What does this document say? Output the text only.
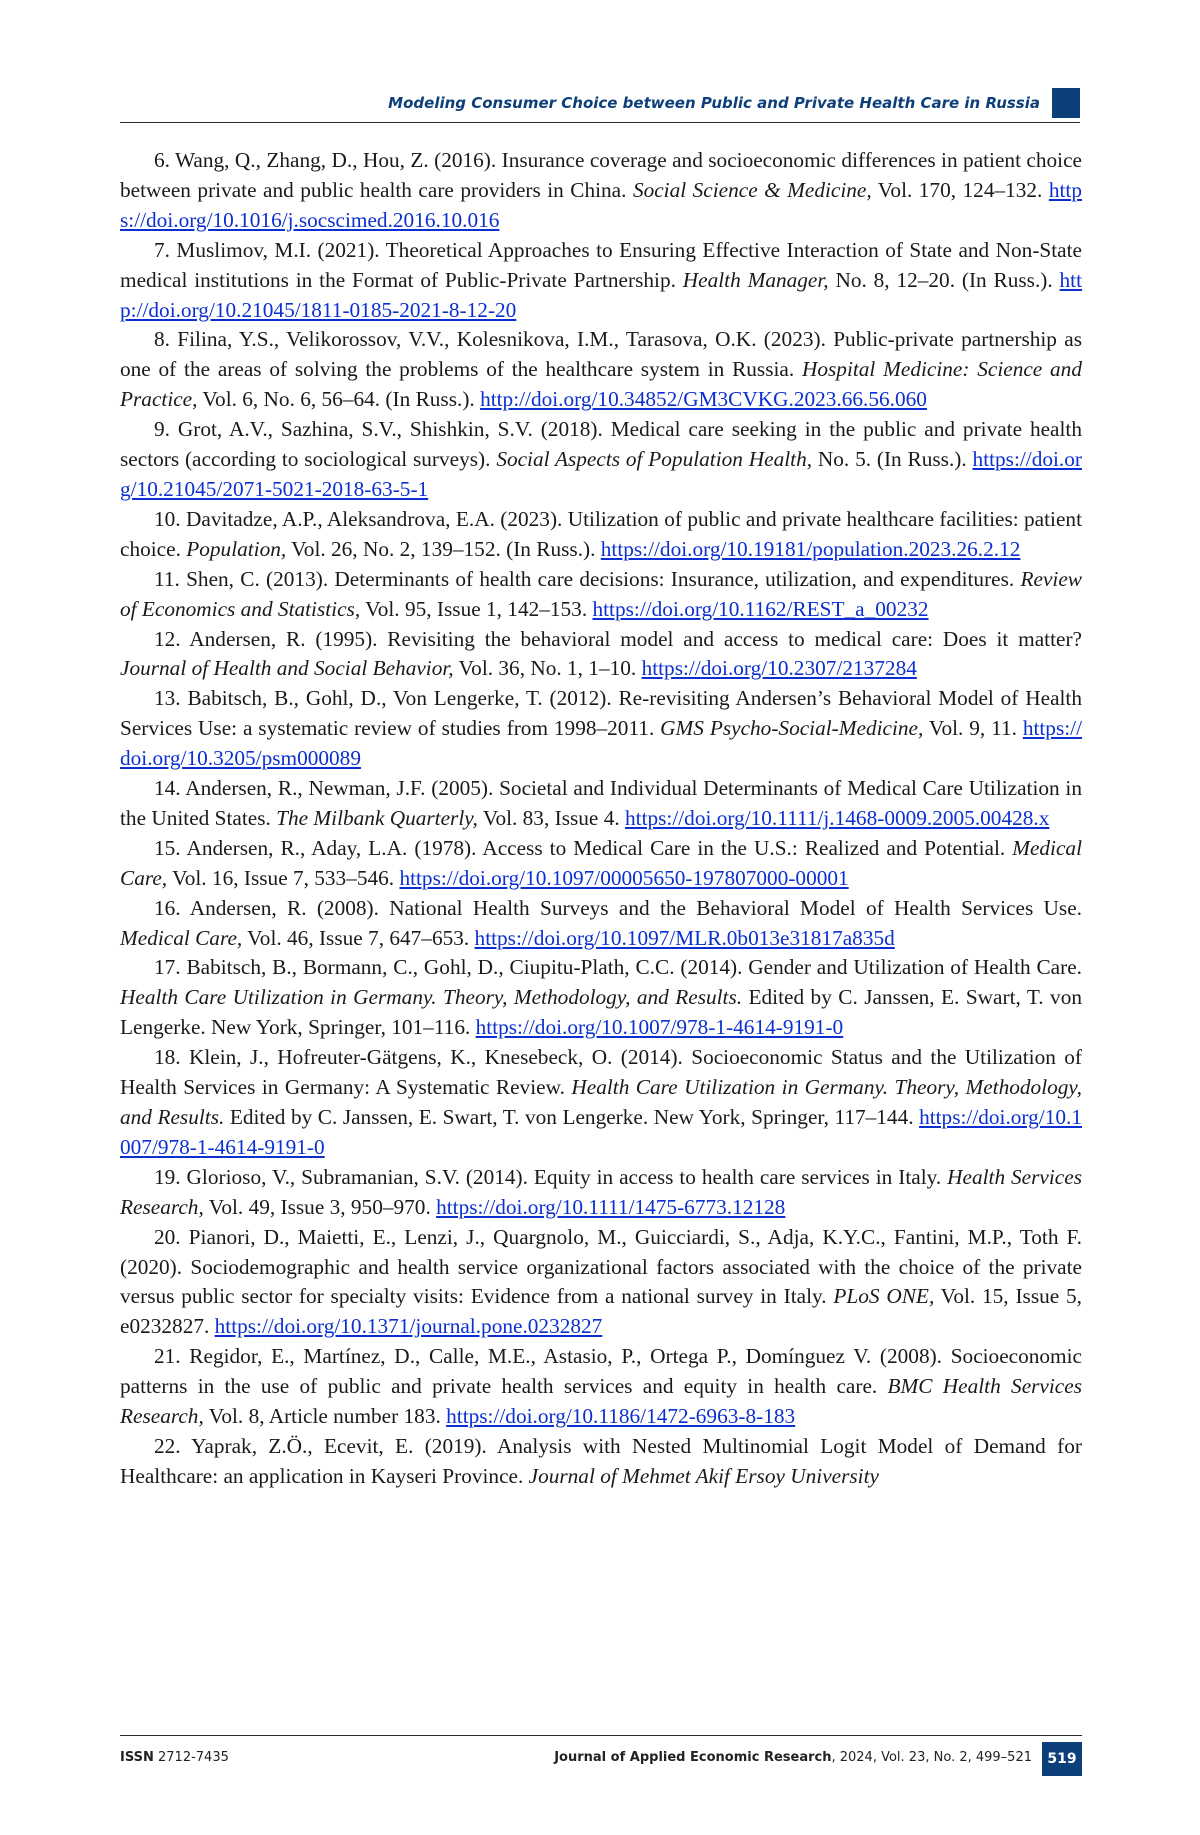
Modeling Consumer Choice between Public and Private Health Care in Russia

6. Wang, Q., Zhang, D., Hou, Z. (2016). Insurance coverage and socioeconomic differences in patient choice between private and public health care providers in China. Social Science & Medicine, Vol. 170, 124–132. https://doi.org/10.1016/j.socscimed.2016.10.016

7. Muslimov, M.I. (2021). Theoretical Approaches to Ensuring Effective Interaction of State and Non-State medical institutions in the Format of Public-Private Partnership. Health Manager, No. 8, 12–20. (In Russ.). http://doi.org/10.21045/1811-0185-2021-8-12-20

8. Filina, Y.S., Velikorossov, V.V., Kolesnikova, I.M., Tarasova, O.K. (2023). Public-private partnership as one of the areas of solving the problems of the healthcare system in Russia. Hospital Medicine: Science and Practice, Vol. 6, No. 6, 56–64. (In Russ.). http://doi.org/10.34852/GM3CVKG.2023.66.56.060

9. Grot, A.V., Sazhina, S.V., Shishkin, S.V. (2018). Medical care seeking in the public and private health sectors (according to sociological surveys). Social Aspects of Population Health, No. 5. (In Russ.). https://doi.org/10.21045/2071-5021-2018-63-5-1

10. Davitadze, A.P., Aleksandrova, E.A. (2023). Utilization of public and private healthcare facilities: patient choice. Population, Vol. 26, No. 2, 139–152. (In Russ.). https://doi.org/10.19181/population.2023.26.2.12

11. Shen, C. (2013). Determinants of health care decisions: Insurance, utilization, and expenditures. Review of Economics and Statistics, Vol. 95, Issue 1, 142–153. https://doi.org/10.1162/REST_a_00232

12. Andersen, R. (1995). Revisiting the behavioral model and access to medical care: Does it matter? Journal of Health and Social Behavior, Vol. 36, No. 1, 1–10. https://doi.org/10.2307/2137284

13. Babitsch, B., Gohl, D., Von Lengerke, T. (2012). Re-revisiting Andersen’s Behavioral Model of Health Services Use: a systematic review of studies from 1998–2011. GMS Psycho-Social-Medicine, Vol. 9, 11. https://doi.org/10.3205/psm000089

14. Andersen, R., Newman, J.F. (2005). Societal and Individual Determinants of Medical Care Utilization in the United States. The Milbank Quarterly, Vol. 83, Issue 4. https://doi.org/10.1111/j.1468-0009.2005.00428.x

15. Andersen, R., Aday, L.A. (1978). Access to Medical Care in the U.S.: Realized and Potential. Medical Care, Vol. 16, Issue 7, 533–546. https://doi.org/10.1097/00005650-197807000-00001

16. Andersen, R. (2008). National Health Surveys and the Behavioral Model of Health Services Use. Medical Care, Vol. 46, Issue 7, 647–653. https://doi.org/10.1097/MLR.0b013e31817a835d

17. Babitsch, B., Bormann, C., Gohl, D., Ciupitu-Plath, C.C. (2014). Gender and Utilization of Health Care. Health Care Utilization in Germany. Theory, Methodology, and Results. Edited by C. Janssen, E. Swart, T. von Lengerke. New York, Springer, 101–116. https://doi.org/10.1007/978-1-4614-9191-0

18. Klein, J., Hofreuter-Gätgens, K., Knesebeck, O. (2014). Socioeconomic Status and the Utilization of Health Services in Germany: A Systematic Review. Health Care Utilization in Germany. Theory, Methodology, and Results. Edited by C. Janssen, E. Swart, T. von Lengerke. New York, Springer, 117–144. https://doi.org/10.1007/978-1-4614-9191-0

19. Glorioso, V., Subramanian, S.V. (2014). Equity in access to health care services in Italy. Health Services Research, Vol. 49, Issue 3, 950–970. https://doi.org/10.1111/1475-6773.12128

20. Pianori, D., Maietti, E., Lenzi, J., Quargnolo, M., Guicciardi, S., Adja, K.Y.C., Fantini, M.P., Toth F. (2020). Sociodemographic and health service organizational factors associated with the choice of the private versus public sector for specialty visits: Evidence from a national survey in Italy. PLoS ONE, Vol. 15, Issue 5, e0232827. https://doi.org/10.1371/journal.pone.0232827

21. Regidor, E., Martínez, D., Calle, M.E., Astasio, P., Ortega P., Domínguez V. (2008). Socioeconomic patterns in the use of public and private health services and equity in health care. BMC Health Services Research, Vol. 8, Article number 183. https://doi.org/10.1186/1472-6963-8-183

22. Yaprak, Z.Ö., Ecevit, E. (2019). Analysis with Nested Multinomial Logit Model of Demand for Healthcare: an application in Kayseri Province. Journal of Mehmet Akif Ersoy University

ISSN 2712-7435	Journal of Applied Economic Research, 2024, Vol. 23, No. 2, 499–521	519
